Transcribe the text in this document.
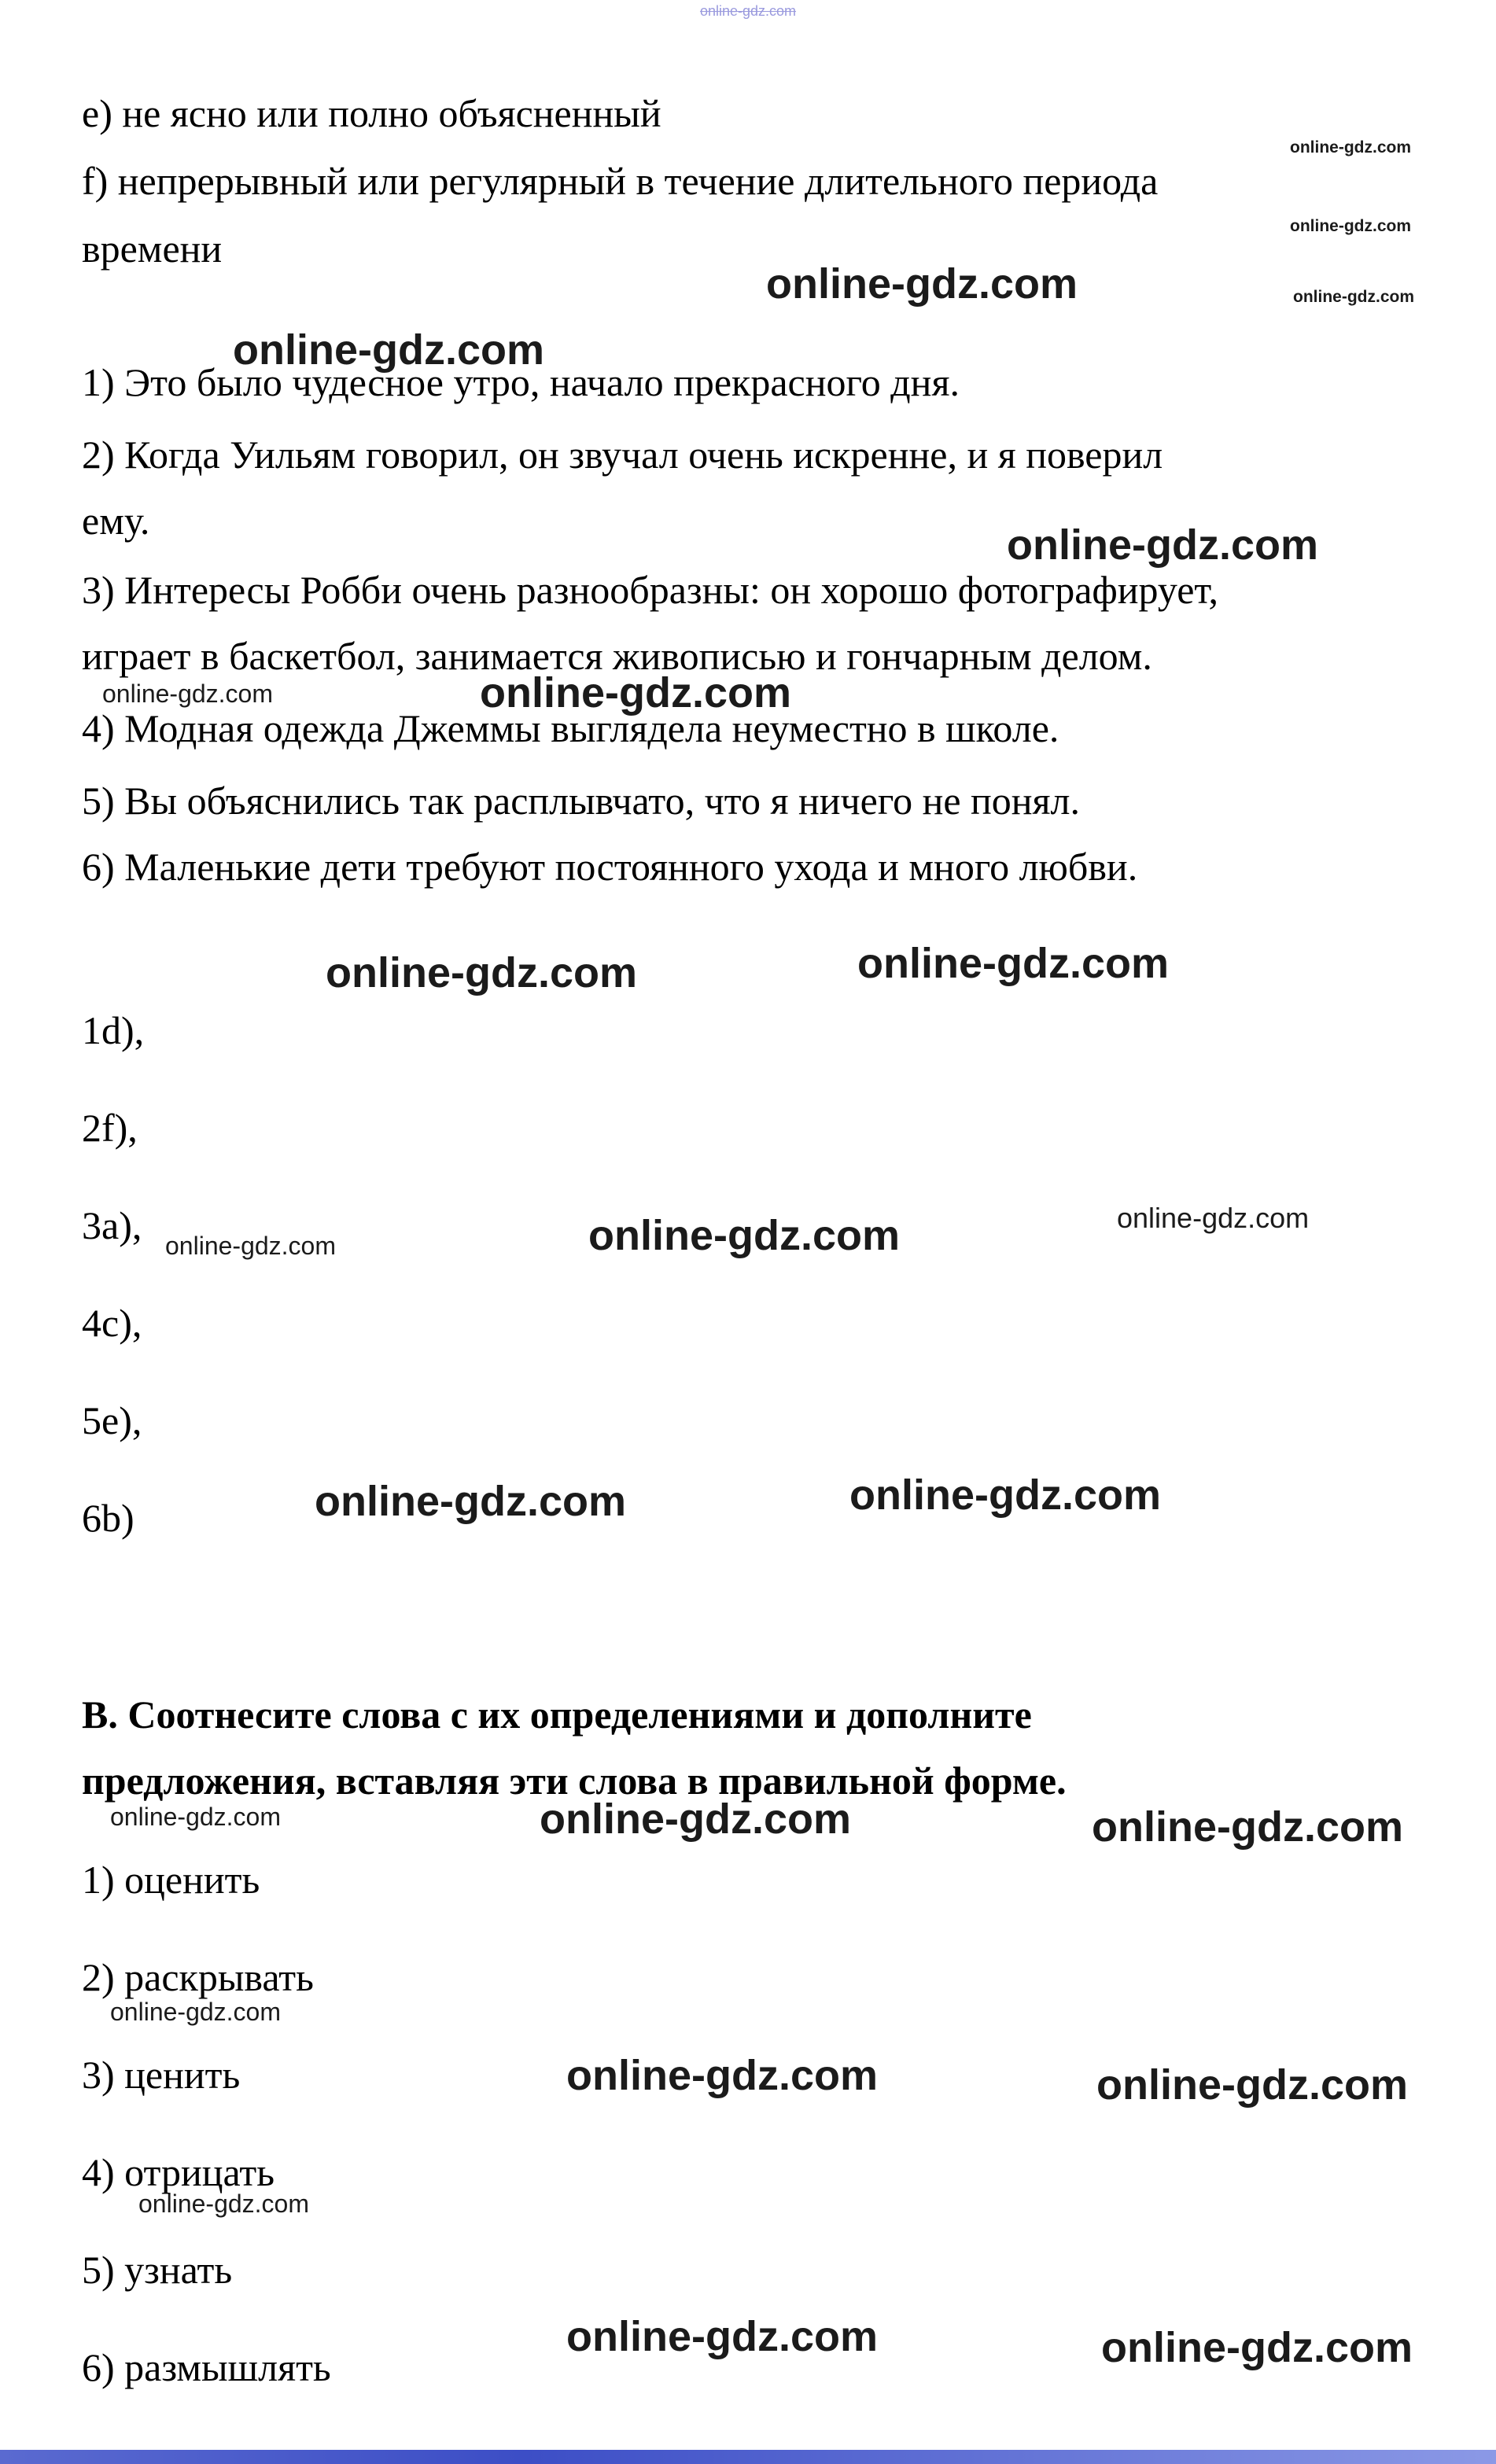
online-gdz.com
е) не ясно или полно объясненный
f) непрерывный или регулярный в течение длительного периода
времени
1) Это было чудесное утро, начало прекрасного дня.
2) Когда Уильям говорил, он звучал очень искренне, и я поверил
ему.
3) Интересы Робби очень разнообразны: он хорошо фотографирует,
играет в баскетбол, занимается живописью и гончарным делом.
4) Модная одежда Джеммы выглядела неуместно в школе.
5) Вы объяснились так расплывчато, что я ничего не понял.
6) Маленькие дети требуют постоянного ухода и много любви.
1d),
2f),
3а),
4с),
5е),
6b)
В. Соотнесите слова с их определениями и дополните
предложения, вставляя эти слова в правильной форме.
1) оценить
2) раскрывать
3) ценить
4) отрицать
5) узнать
6) размышлять
online-gdz.com
online-gdz.com
online-gdz.com
online-gdz.com
online-gdz.com
online-gdz.com
online-gdz.com
online-gdz.com	online-gdz.com
online-gdz.com
online-gdz.com	online-gdz.com
online-gdz.com	online-gdz.com
online-gdz.com	online-gdz.com
online-gdz.com	online-gdz.com
online-gdz.com
online-gdz.com
online-gdz.com
online-gdz.com
online-gdz.com
online-gdz.com
